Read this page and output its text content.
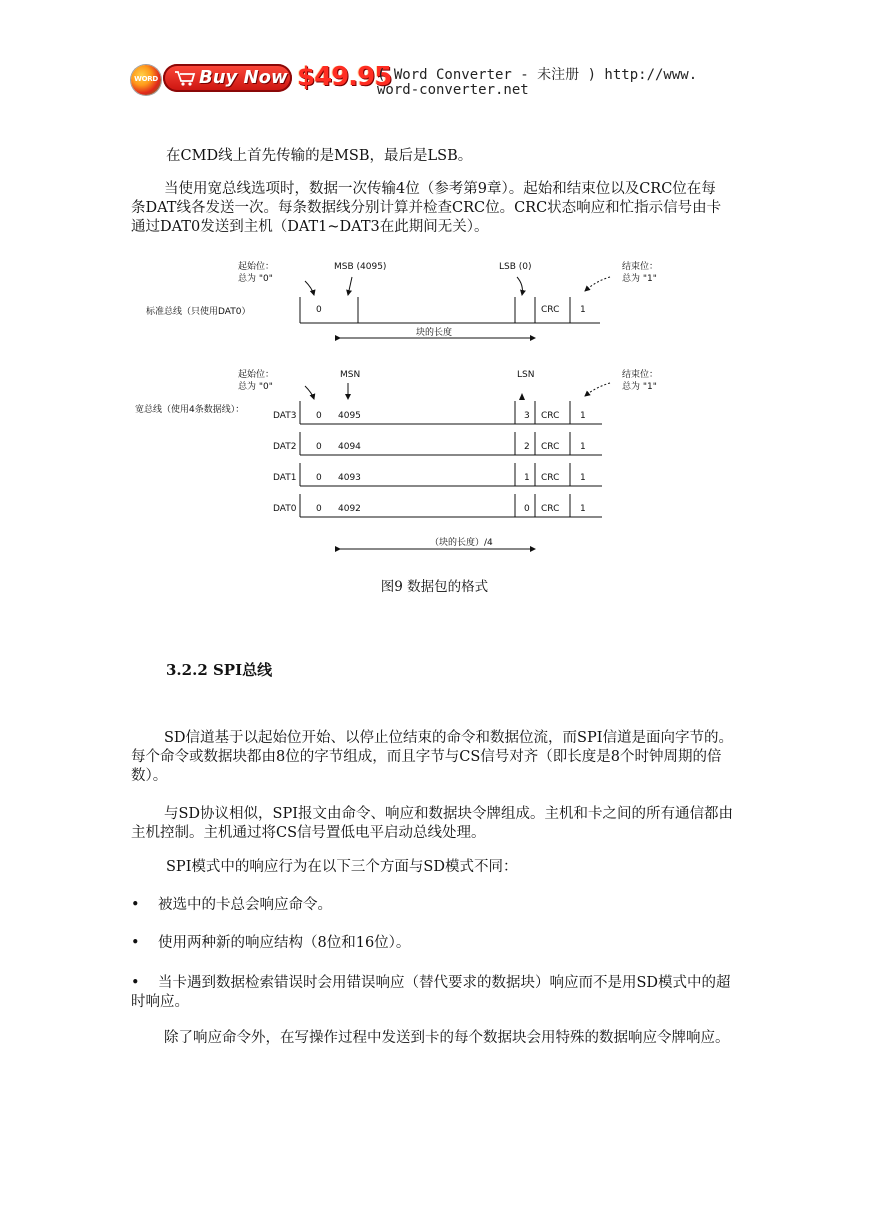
WORD Buy Now $49.95
( Word Converter - 未注册 ) http://www.
word-converter.net
在CMD线上首先传输的是MSB，最后是LSB。
当使用宽总线选项时，数据一次传输4位（参考第9章）。起始和结束位以及CRC位在每条DAT线各发送一次。每条数据线分别计算并检查CRC位。CRC状态响应和忙指示信号由卡通过DAT0发送到主机（DAT1~DAT3在此期间无关）。
起始位：
总为 "0"
MSB (4095)	LSB (0)	结束位：
总为 "1"
标准总线（只使用DAT0）	0	CRC 1
块的长度
起始位：
总为 "0"
MSN	LSN	结束位：
总为 "1"
宽总线（使用4条数据线）：
DAT3 0 4095	3 CRC 1
DAT2 0 4094	2 CRC 1
DAT1 0 4093	1 CRC 1
DAT0 0 4092	0 CRC 1
（块的长度）/4
图9 数据包的格式
3.2.2 SPI总线
SD信道基于以起始位开始、以停止位结束的命令和数据位流，而SPI信道是面向字节的。每个命令或数据块都由8位的字节组成，而且字节与CS信号对齐（即长度是8个时钟周期的倍数）。
与SD协议相似，SPI报文由命令、响应和数据块令牌组成。主机和卡之间的所有通信都由主机控制。主机通过将CS信号置低电平启动总线处理。
SPI模式中的响应行为在以下三个方面与SD模式不同：
• 被选中的卡总会响应命令。
• 使用两种新的响应结构（8位和16位）。
• 当卡遇到数据检索错误时会用错误响应（替代要求的数据块）响应而不是用SD模式中的超时响应。
除了响应命令外，在写操作过程中发送到卡的每个数据块会用特殊的数据响应令牌响应。
